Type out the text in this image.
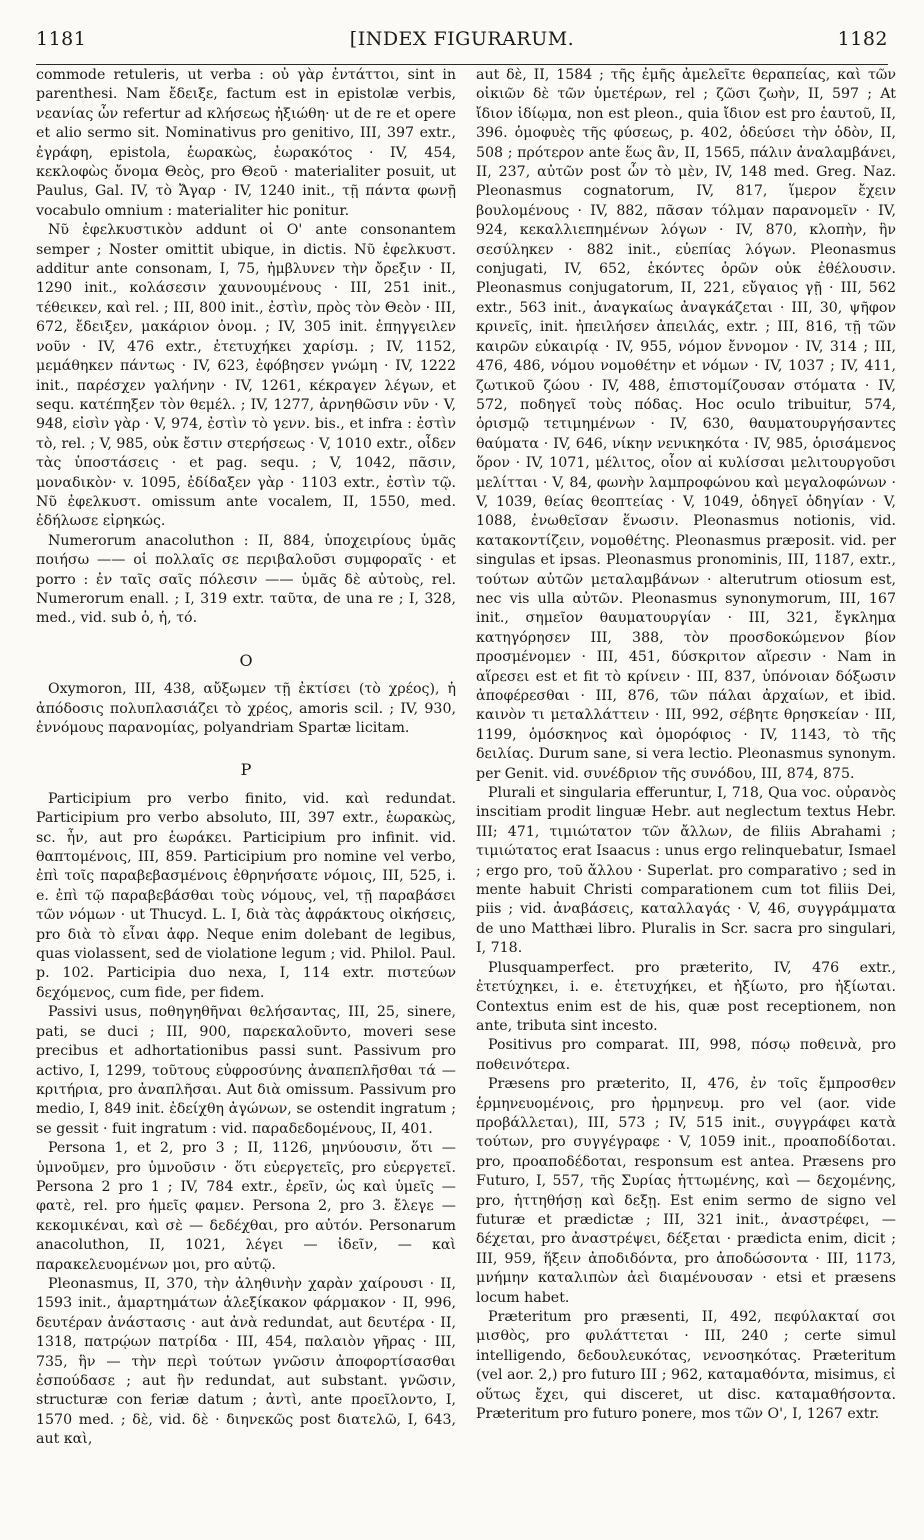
1181	[INDEX FIGURARUM.	1182

commode retuleris, ut verba : οὐ γὰρ ἐντάττοι, sint in parenthesi. Nam ἔδειξε, factum est in epistolæ verbis, νεανίας ὧν refertur ad κλήσεως ἠξιώθη· ut de re et opere et alio sermo sit. Nominativus pro genitivo, III, 397 extr., ἐγράφη, epistola, ἑωρακὼς, ἑωρακότος · IV, 454, κεκλοφὼς ὄνομα Θεὸς, pro Θεοῦ · materialiter posuit, ut Paulus, Gal. IV, τὸ Ἄγαρ · IV, 1240 init., τῇ πάντα φωνῇ vocabulo omnium : materialiter hic ponitur.

Νῦ ἐφελκυστικὸν addunt οἱ Ο' ante consonantem semper ; Noster omittit ubique, in dictis. Νῦ ἐφελκυστ. additur ante consonam, I, 75, ἠμβλυνεν τὴν ὄρεξιν · II, 1290 init., κολάσεσιν χαυνουμένους · III, 251 init., τέθεικεν, καὶ rel. ; III, 800 init., ἐστὶν, πρὸς τὸν Θεὸν · III, 672, ἔδειξεν, μακάριον ὀνομ. ; IV, 305 init. ἐπηγγειλεν νοῦν · IV, 476 extr., ἐτετυχήκει χαρίσμ. ; IV, 1152, μεμάθηκεν πάντως · IV, 623, ἐφόβησεν γνώμη · IV, 1222 init., παρέσχεν γαλήνην · IV, 1261, κέκραγεν λέγων, et sequ. κατέπηξεν τὸν θεμέλ. ; IV, 1277, ἀρνηθῶσιν νῦν · V, 948, εἰσὶν γὰρ · V, 974, ἐστὶν τὸ γενν. bis., et infra : ἐστὶν τὸ, rel. ; V, 985, οὐκ ἔστιν στερήσεως · V, 1010 extr., οἶδεν τὰς ὑποστάσεις · et pag. sequ. ; V, 1042, πᾶσιν, μοναδικὸν· v. 1095, ἐδίδαξεν γὰρ · 1103 extr., ἐστὶν τῷ. Νῦ ἐφελκυστ. omissum ante vocalem, II, 1550, med. ἐδήλωσε εἰρηκώς.

Numerorum anacoluthon : II, 884, ὑποχειρίους ὑμᾶς ποιήσω —— οἱ πολλαῖς σε περιβαλοῦσι συμφοραῖς · et porro : ἐν ταῖς σαῖς πόλεσιν —— ὑμᾶς δὲ αὐτοὺς, rel. Numerorum enall. ; I, 319 extr. ταῦτα, de una re ; I, 328, med., vid. sub ὁ, ἡ, τό.

O

Oxymoron, III, 438, αὔξωμεν τῇ ἐκτίσει (τὸ χρέος), ἡ ἀπόδοσις πολυπλασιάζει τὸ χρέος, amoris scil. ; IV, 930, ἐννόμους παρανομίας, polyandriam Spartæ licitam.

P

Participium pro verbo finito, vid. καὶ redundat. Participium pro verbo absoluto, III, 397 extr., ἑωρακὼς, sc. ἦν, aut pro ἑωράκει. Participium pro infinit. vid. θαπτομένοις, III, 859. Participium pro nomine vel verbo, ἐπὶ τοῖς παραβεβασμένοις ἐθρηνήσατε νόμοις, III, 525, i. e. ἐπὶ τῷ παραβεβάσθαι τοὺς νόμους, vel, τῇ παραβάσει τῶν νόμων · ut Thucyd. L. I, διὰ τὰς ἀφράκτους οἰκήσεις, pro διὰ τὸ εἶναι ἀφρ. Neque enim dolebant de legibus, quas violassent, sed de violatione legum ; vid. Philol. Paul. p. 102. Participia duo nexa, I, 114 extr. πιστεύων δεχόμενος, cum fide, per fidem.

Passivi usus, ποθηγηθῆναι θελήσαντας, III, 25, sinere, pati, se duci ; III, 900, παρεκαλοῦντο, moveri sese precibus et adhortationibus passi sunt. Passivum pro activo, I, 1299, τοῦτους εὐφροσύνης ἀναπεπλῆσθαι τά — κριτήρια, pro ἀναπλῆσαι. Aut διὰ omissum. Passivum pro medio, I, 849 init. ἐδείχθη ἀγώνων, se ostendit ingratum ; se gessit · fuit ingratum : vid. παραδεδομένους, II, 401.

Persona 1, et 2, pro 3 ; II, 1126, μηνύουσιν, ὅτι — ὑμνοῦμεν, pro ὑμνοῦσιν · ὅτι εὐεργετεῖς, pro εὐεργετεῖ. Persona 2 pro 1 ; IV, 784 extr., ἐρεῖν, ὡς καὶ ὑμεῖς — φατὲ, rel. pro ἡμεῖς φαμεν. Persona 2, pro 3. ἔλεγε — κεκομικέναι, καὶ σὲ — δεδέχθαι, pro αὐτόν. Personarum anacoluthon, II, 1021, λέγει — ἰδεῖν, — καὶ παρακελευομένων μοι, pro αὐτῷ.

Pleonasmus, II, 370, τὴν ἀληθινὴν χαρὰν χαίρουσι · II, 1593 init., ἁμαρτημάτων ἀλεξίκακον φάρμακον · II, 996, δευτέραν ἀνάστασις · aut ἀνὰ redundat, aut δευτέρα · II, 1318, πατρῴων πατρίδα · III, 454, παλαιὸν γῆρας · III, 735, ἣν — τὴν περὶ τούτων γνῶσιν ἀποφορτίσασθαι ἐσπούδασε ; aut ἣν redundat, aut substant. γνῶσιν, structuræ con feriæ datum ; ἀντὶ, ante προεῖλοντο, I, 1570 med. ; δὲ, vid. δὲ · διηνεκῶς post διατελῶ, I, 643, aut καὶ,

aut δὲ, II, 1584 ; τῆς ἐμῆς ἀμελεῖτε θεραπείας, καὶ τῶν οἰκιῶν δὲ τῶν ὑμετέρων, rel ; ζῶσι ζωὴν, II, 597 ; At ἴδιον ἰδίῳμα, non est pleon., quia ἴδιον est pro ἑαυτοῦ, II, 396. ὁμοφυὲς τῆς φύσεως, p. 402, ὁδεύσει τὴν ὁδὸν, II, 508 ; πρότερον ante ἕως ἂν, II, 1565, πάλιν ἀναλαμβάνει, II, 237, αὐτῶν post ὧν τὸ μὲν, IV, 148 med. Greg. Naz. Pleonasmus cognatorum, IV, 817, ἵμερον ἔχειν βουλομένους · IV, 882, πᾶσαν τόλμαν παρανομεῖν · IV, 924, κεκαλλιεπημένων λόγων · IV, 870, κλοπὴν, ἣν σεσύληκεν · 882 init., εὐεπίας λόγων. Pleonasmus conjugati, IV, 652, ἑκόντες ὁρῶν οὐκ ἐθέλουσιν. Pleonasmus conjugatorum, II, 221, εὔγαιος γῇ · III, 562 extr., 563 init., ἀναγκαίως ἀναγκάζεται · III, 30, ψῆφον κρινεῖς, init. ἠπειλήσεν ἀπειλάς, extr. ; III, 816, τῇ τῶν καιρῶν εὐκαιρίᾳ · IV, 955, νόμον ἔννομον · IV, 314 ; III, 476, 486, νόμου νομοθέτην et νόμων · IV, 1037 ; IV, 411, ζωτικοῦ ζώου · IV, 488, ἐπιστομίζουσαν στόματα · IV, 572, ποδηγεῖ τοὺς πόδας. Hoc oculo tribuitur, 574, ὁρισμῷ τετιμημένων · IV, 630, θαυματουργήσαντες θαύματα · IV, 646, νίκην νενικηκότα · IV, 985, ὁρισάμενος ὅρον · IV, 1071, μέλιτος, οἷον αἱ κυλίσσαι μελιτουργοῦσι μελίτται · V, 84, φωνὴν λαμπροφώνου καὶ μεγαλοφώνων · V, 1039, θείας θεοπτείας · V, 1049, ὁδηγεῖ ὁδηγίαν · V, 1088, ἐνωθεῖσαν ἕνωσιν. Pleonasmus notionis, vid. κατακοντίζειν, νομοθέτης. Pleonasmus præposit. vid. per singulas et ipsas. Pleonasmus pronominis, III, 1187, extr., τούτων αὐτῶν μεταλαμβάνων · alterutrum otiosum est, nec vis ulla αὐτῶν. Pleonasmus synonymorum, III, 167 init., σημεῖον θαυματουργίαν · III, 321, ἔγκλημα κατηγόρησεν III, 388, τὸν προσδοκώμενον βίον προσμένομεν · III, 451, δύσκριτον αἵρεσιν · Nam in αἵρεσει est et fit τὸ κρίνειν · III, 837, ὑπόνοιαν δόξωσιν ἀποφέρεσθαι · III, 876, τῶν πάλαι ἀρχαίων, et ibid. καινὸν τι μεταλλάττειν · III, 992, σέβητε θρησκείαν · III, 1199, ὁμόσκηνος καὶ ὁμορόφιος · IV, 1143, τὸ τῆς δειλίας. Durum sane, si vera lectio. Pleonasmus synonym. per Genit. vid. συνέδριον τῆς συνόδου, III, 874, 875.

Plurali et singularia efferuntur, I, 718, Qua voc. οὐρανὸς inscitiam prodit linguæ Hebr. aut neglectum textus Hebr. III; 471, τιμιώτατον τῶν ἄλλων, de filiis Abrahami ; τιμιώτατος erat Isaacus : unus ergo relinquebatur, Ismael ; ergo pro, τοῦ ἄλλου · Superlat. pro comparativo ; sed in mente habuit Christi comparationem cum tot filiis Dei, piis ; vid. ἀναβάσεις, καταλλαγάς · V, 46, συγγράμματα de uno Matthæi libro. Pluralis in Scr. sacra pro singulari, I, 718.

Plusquamperfect. pro præterito, IV, 476 extr., ἐτετύχηκει, i. e. ἐτετυχήκει, et ἠξίωτο, pro ἠξίωται. Contextus enim est de his, quæ post receptionem, non ante, tributa sint incesto.

Positivus pro comparat. III, 998, πόσῳ ποθεινὰ, pro ποθεινότερα.

Præsens pro præterito, II, 476, ἐν τοῖς ἔμπροσθεν ἑρμηνευομένοις, pro ἡρμηνευμ. pro vel (aor. vide προβάλλεται), III, 573 ; IV, 515 init., συγγράφει κατὰ τούτων, pro συγγέγραφε · V, 1059 init., προαποδίδοται. pro, προαποδέδοται, responsum est antea. Præsens pro Futuro, I, 557, τῆς Συρίας ἡττωμένης, καὶ — δεχομένης, pro, ἡττηθήσῃ καὶ δεξῃ. Est enim sermo de signo vel futuræ et prædictæ ; III, 321 init., ἀναστρέφει, — δέχεται, pro ἀναστρέψει, δέξεται · prædicta enim, dicit ; III, 959, ἥξειν ἀποδιδόντα, pro ἀποδώσοντα · III, 1173, μνήμην καταλιπὼν ἀεὶ διαμένουσαν · etsi et præsens locum habet.

Præteritum pro præsenti, II, 492, πεφύλακταί σοι μισθὸς, pro φυλάττεται · III, 240 ; certe simul intelligendo, δεδουλευκότας, νενοσηκότας. Præteritum (vel aor. 2,) pro futuro III ; 962, καταμαθόντα, misimus, εἰ οὕτως ἔχει, qui disceret, ut disc. καταμαθήσοντα. Præteritum pro futuro ponere, mos τῶν Ο', I, 1267 extr.
